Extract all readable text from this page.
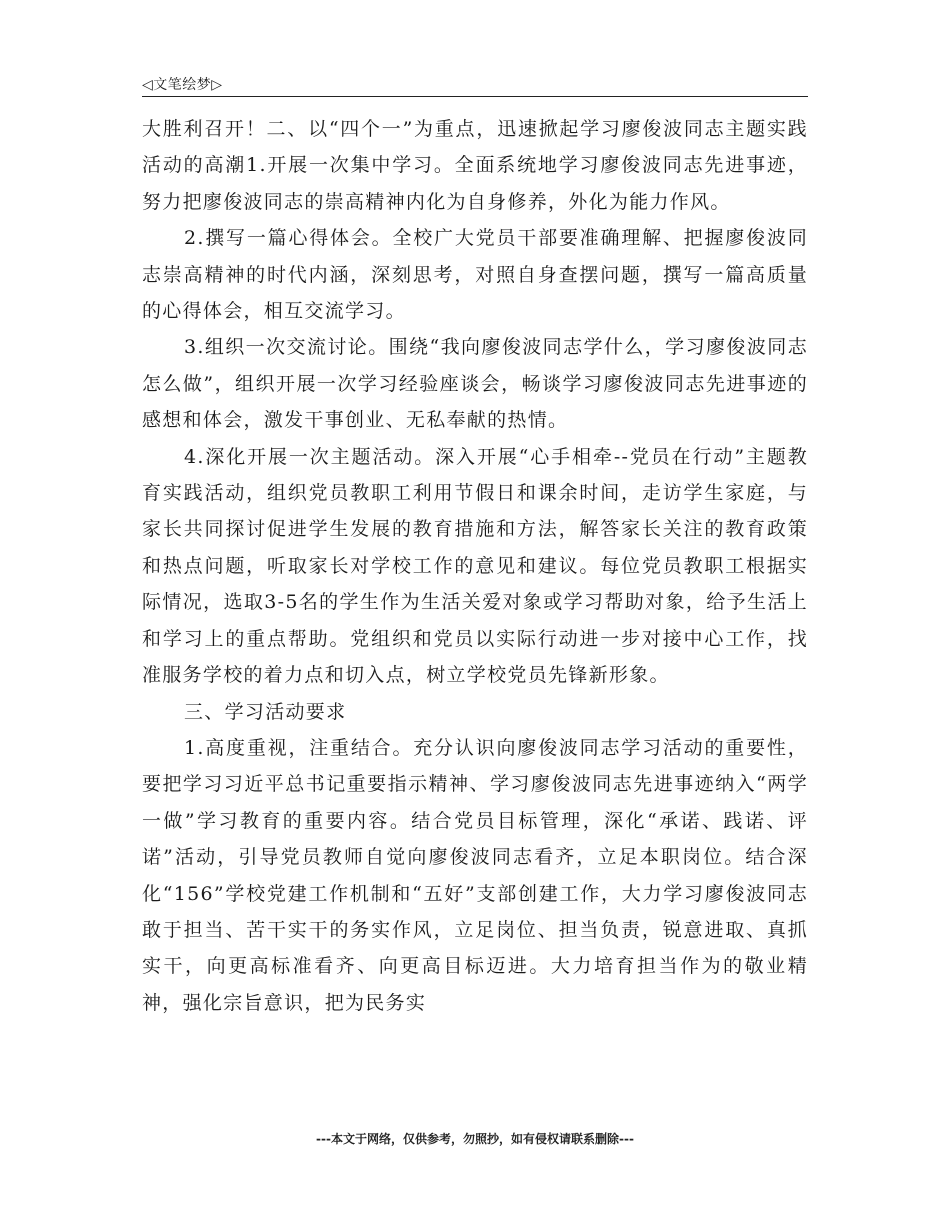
◁文笔绘梦▷

大胜利召开！二、以“四个一”为重点，迅速掀起学习廖俊波同志主题实践活动的高潮1.开展一次集中学习。全面系统地学习廖俊波同志先进事迹，努力把廖俊波同志的崇高精神内化为自身修养，外化为能力作风。

2.撰写一篇心得体会。全校广大党员干部要准确理解、把握廖俊波同志崇高精神的时代内涵，深刻思考，对照自身查摆问题，撰写一篇高质量的心得体会，相互交流学习。

3.组织一次交流讨论。围绕“我向廖俊波同志学什么，学习廖俊波同志怎么做”，组织开展一次学习经验座谈会，畅谈学习廖俊波同志先进事迹的感想和体会，激发干事创业、无私奉献的热情。

4.深化开展一次主题活动。深入开展“心手相牵--党员在行动”主题教育实践活动，组织党员教职工利用节假日和课余时间，走访学生家庭，与家长共同探讨促进学生发展的教育措施和方法，解答家长关注的教育政策和热点问题，听取家长对学校工作的意见和建议。每位党员教职工根据实际情况，选取3-5名的学生作为生活关爱对象或学习帮助对象，给予生活上和学习上的重点帮助。党组织和党员以实际行动进一步对接中心工作，找准服务学校的着力点和切入点，树立学校党员先锋新形象。

三、学习活动要求

1.高度重视，注重结合。充分认识向廖俊波同志学习活动的重要性，要把学习习近平总书记重要指示精神、学习廖俊波同志先进事迹纳入“两学一做”学习教育的重要内容。结合党员目标管理，深化“承诺、践诺、评诺”活动，引导党员教师自觉向廖俊波同志看齐，立足本职岗位。结合深化“156”学校党建工作机制和“五好”支部创建工作，大力学习廖俊波同志敢于担当、苦干实干的务实作风，立足岗位、担当负责，锐意进取、真抓实干，向更高标准看齐、向更高目标迈进。大力培育担当作为的敬业精神，强化宗旨意识，把为民务实

---本文于网络，仅供参考，勿照抄，如有侵权请联系删除---
